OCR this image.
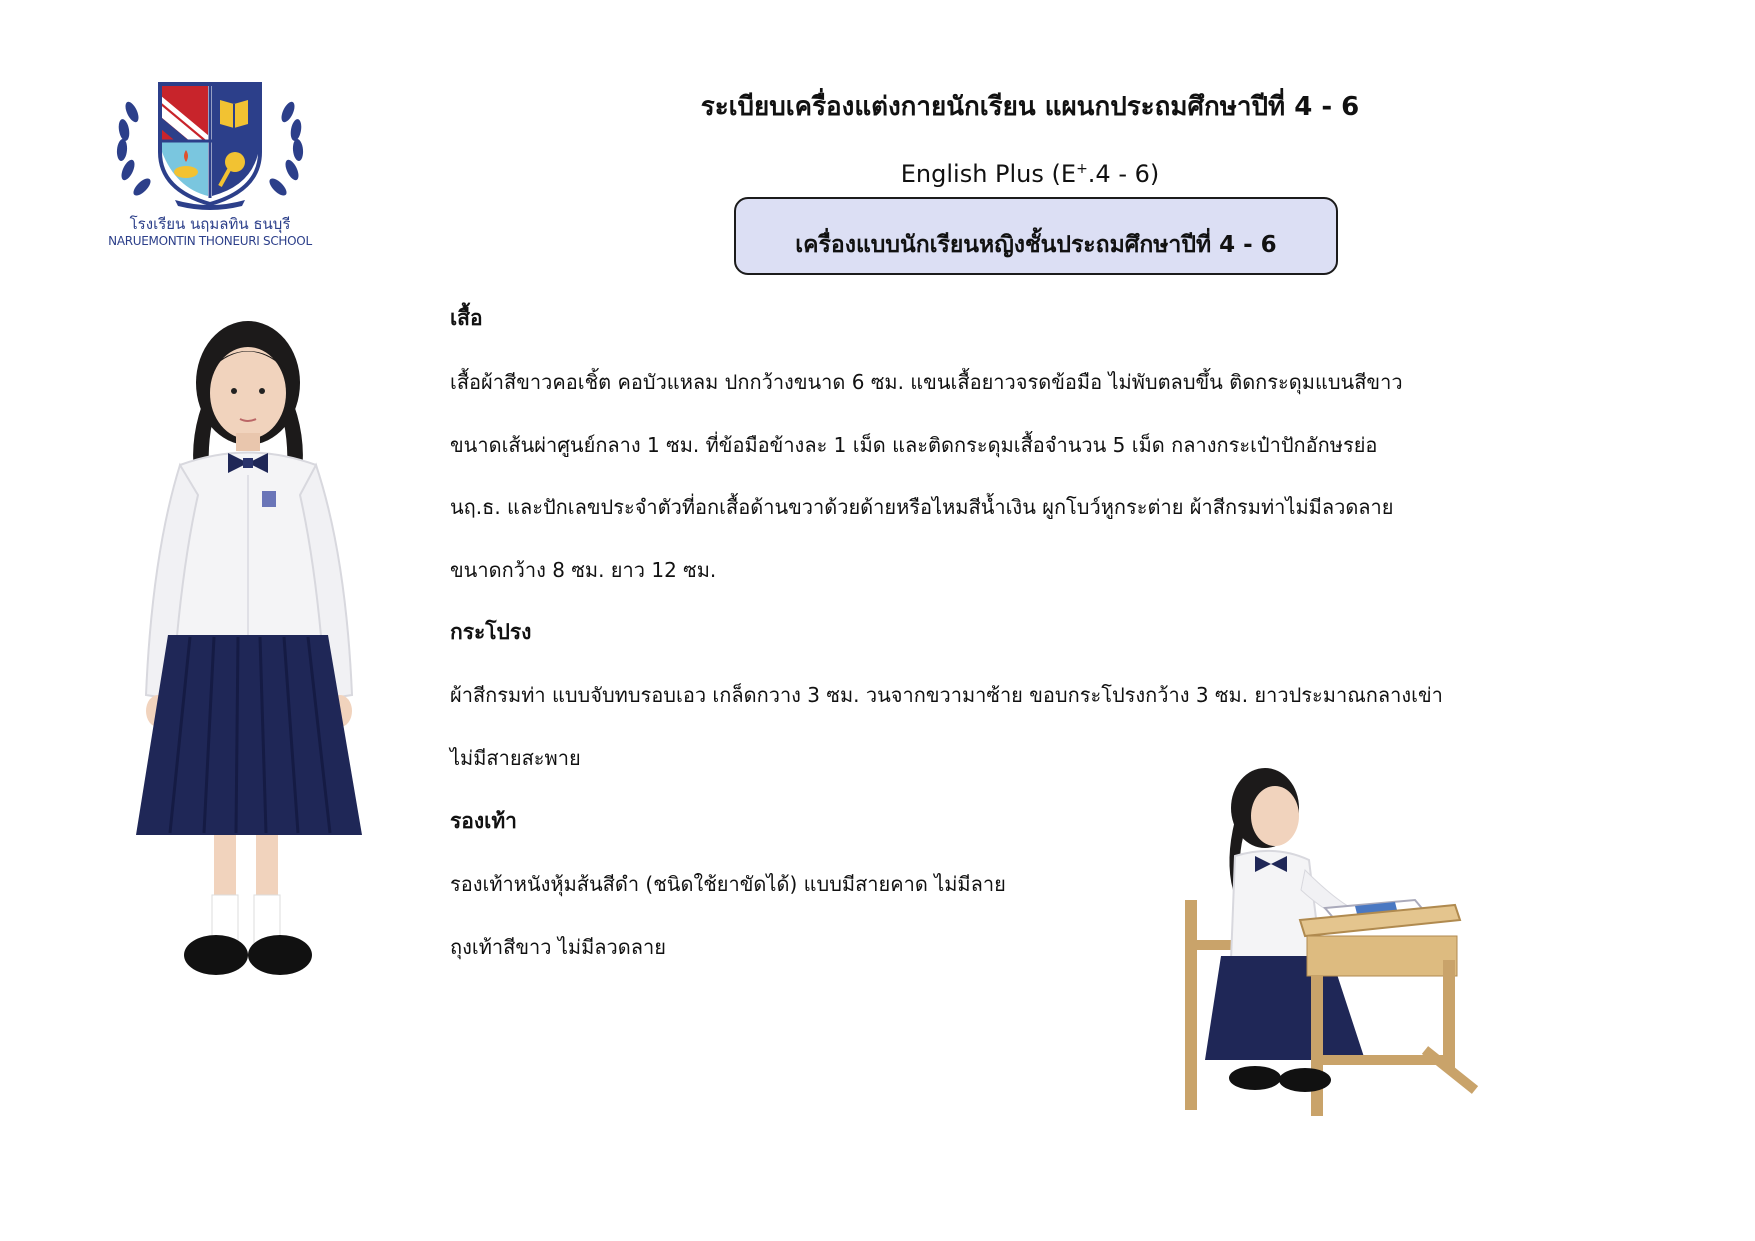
โรงเรียน นฤมลทิน ธนบุรี
NARUEMONTIN THONEURI SCHOOL
ระเบียบเครื่องแต่งกายนักเรียน แผนกประถมศึกษาปีที่ 4 - 6
English Plus (E+.4 - 6)
เครื่องแบบนักเรียนหญิงชั้นประถมศึกษาปีที่ 4 - 6
เสื้อ
เสื้อผ้าสีขาวคอเชิ้ต คอบัวแหลม ปกกว้างขนาด 6 ซม. แขนเสื้อยาวจรดข้อมือ ไม่พับตลบขึ้น ติดกระดุมแบนสีขาว
ขนาดเส้นผ่าศูนย์กลาง 1 ซม. ที่ข้อมือข้างละ 1 เม็ด และติดกระดุมเสื้อจำนวน 5 เม็ด กลางกระเป๋าปักอักษรย่อ
นฤ.ธ. และปักเลขประจำตัวที่อกเสื้อด้านขวาด้วยด้ายหรือไหมสีน้ำเงิน ผูกโบว์หูกระต่าย ผ้าสีกรมท่าไม่มีลวดลาย
ขนาดกว้าง 8 ซม. ยาว 12 ซม.
กระโปรง
ผ้าสีกรมท่า แบบจับทบรอบเอว เกล็ดกวาง 3 ซม. วนจากขวามาซ้าย ขอบกระโปรงกว้าง 3 ซม. ยาวประมาณกลางเข่า
ไม่มีสายสะพาย
รองเท้า
รองเท้าหนังหุ้มส้นสีดำ (ชนิดใช้ยาขัดได้) แบบมีสายคาด ไม่มีลาย
ถุงเท้าสีขาว ไม่มีลวดลาย
